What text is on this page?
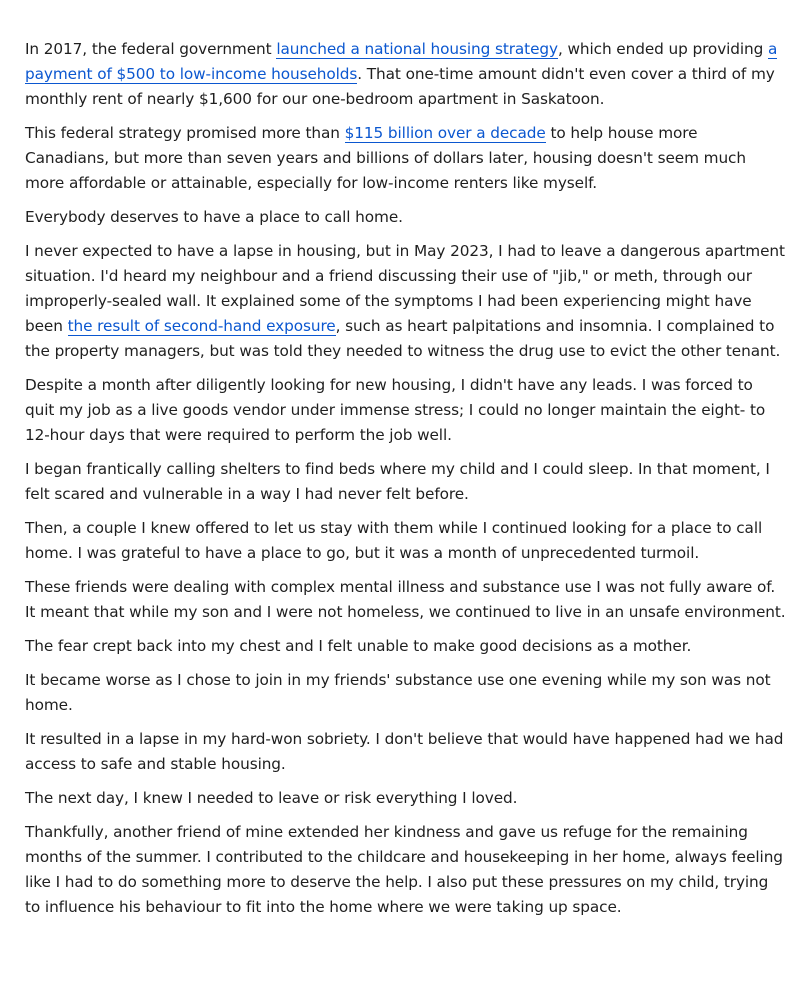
In 2017, the federal government launched a national housing strategy, which ended up providing a payment of $500 to low-income households. That one-time amount didn't even cover a third of my monthly rent of nearly $1,600 for our one-bedroom apartment in Saskatoon.

This federal strategy promised more than $115 billion over a decade to help house more Canadians, but more than seven years and billions of dollars later, housing doesn't seem much more affordable or attainable, especially for low-income renters like myself.

Everybody deserves to have a place to call home.

I never expected to have a lapse in housing, but in May 2023, I had to leave a dangerous apartment situation. I'd heard my neighbour and a friend discussing their use of "jib," or meth, through our improperly-sealed wall. It explained some of the symptoms I had been experiencing might have been the result of second-hand exposure, such as heart palpitations and insomnia. I complained to the property managers, but was told they needed to witness the drug use to evict the other tenant.

Despite a month after diligently looking for new housing, I didn't have any leads. I was forced to quit my job as a live goods vendor under immense stress; I could no longer maintain the eight- to 12-hour days that were required to perform the job well.

I began frantically calling shelters to find beds where my child and I could sleep. In that moment, I felt scared and vulnerable in a way I had never felt before.

Then, a couple I knew offered to let us stay with them while I continued looking for a place to call home. I was grateful to have a place to go, but it was a month of unprecedented turmoil.

These friends were dealing with complex mental illness and substance use I was not fully aware of. It meant that while my son and I were not homeless, we continued to live in an unsafe environment.

The fear crept back into my chest and I felt unable to make good decisions as a mother.

It became worse as I chose to join in my friends' substance use one evening while my son was not home.

It resulted in a lapse in my hard-won sobriety. I don't believe that would have happened had we had access to safe and stable housing.

The next day, I knew I needed to leave or risk everything I loved.

Thankfully, another friend of mine extended her kindness and gave us refuge for the remaining months of the summer. I contributed to the childcare and housekeeping in her home, always feeling like I had to do something more to deserve the help. I also put these pressures on my child, trying to influence his behaviour to fit into the home where we were taking up space.
